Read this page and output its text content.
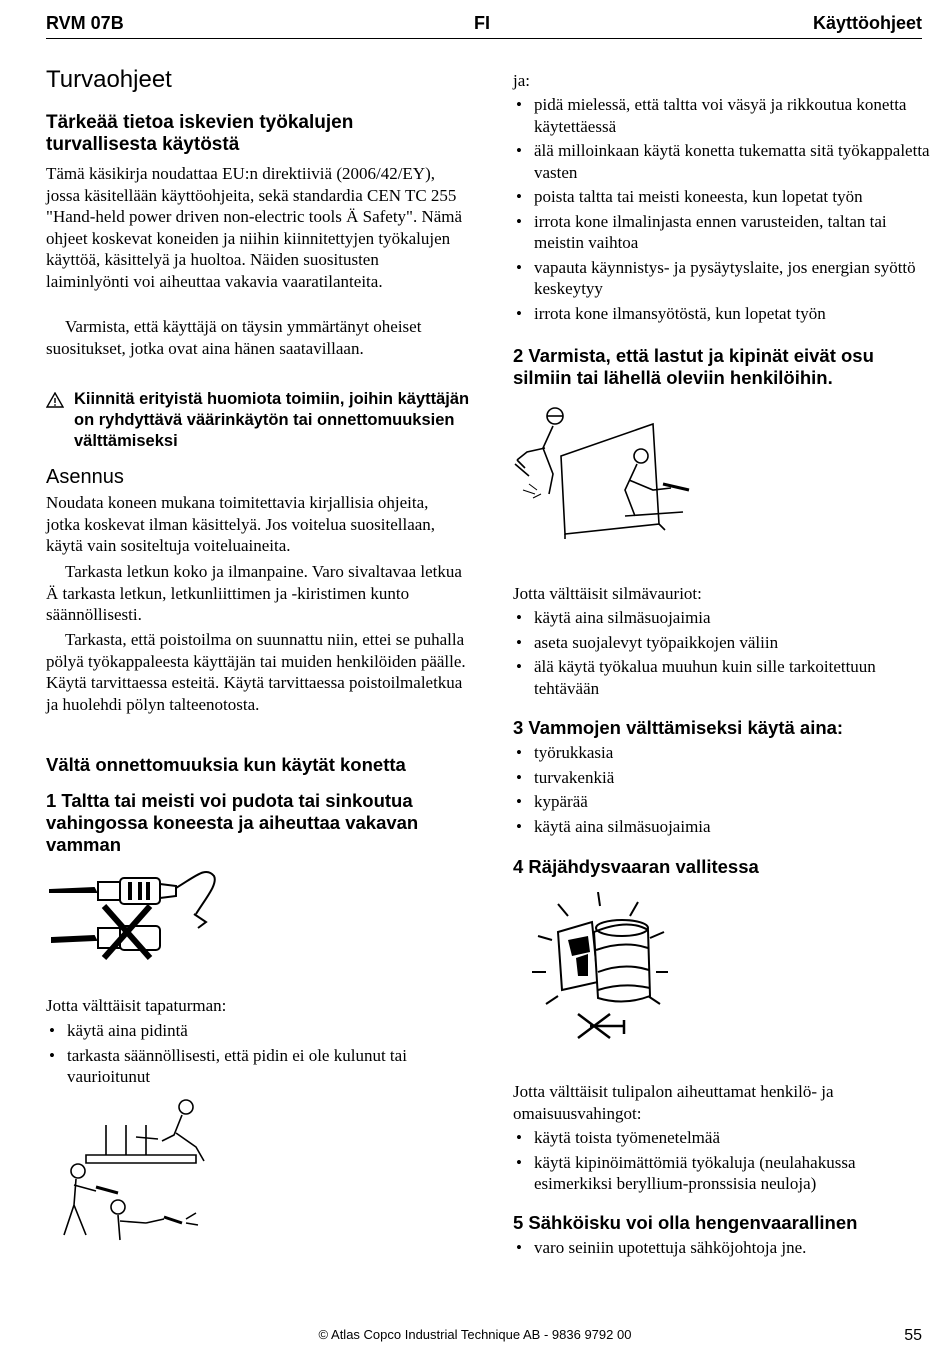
RVM 07B	FI	Käyttöohjeet
Turvaohjeet
Tärkeää tietoa iskevien työkalujen turvallisesta käytöstä

Tämä käsikirja noudattaa EU:n direktiiviä (2006/42/EY), jossa käsitellään käyttöohjeita, sekä standardia CEN TC 255 "Hand-held power driven non-electric tools Ä Safety". Nämä ohjeet koskevat koneiden ja niihin kiinnitettyjen työkalujen käyttöä, käsittelyä ja huoltoa. Näiden suositusten laiminlyönti voi aiheuttaa vakavia vaaratilanteita.

Varmista, että käyttäjä on täysin ymmärtänyt oheiset suositukset, jotka ovat aina hänen saatavillaan.

Kiinnitä erityistä huomiota toimiin, joihin käyttäjän on ryhdyttävä väärinkäytön tai onnettomuuksien välttämiseksi
Asennus

Noudata koneen mukana toimitettavia kirjallisia ohjeita, jotka koskevat ilman käsittelyä. Jos voitelua suositellaan, käytä vain sositeltuja voiteluaineita.

Tarkasta letkun koko ja ilmanpaine. Varo sivaltavaa letkua Ä tarkasta letkun, letkunliittimen ja -kiristimen kunto säännöllisesti.

Tarkasta, että poistoilma on suunnattu niin, ettei se puhalla pölyä työkappaleesta käyttäjän tai muiden henkilöiden päälle. Käytä tarvittaessa esteitä. Käytä tarvittaessa poistoilmaletkua ja huolehdi pölyn talteenotosta.

Vältä onnettomuuksia kun käytät konetta
1 Taltta tai meisti voi pudota tai sinkoutua vahingossa koneesta ja aiheuttaa vakavan vamman

Jotta välttäisit tapaturman:

• käytä aina pidintä
• tarkasta säännöllisesti, että pidin ei ole kulunut tai vaurioitunut

ja:

• pidä mielessä, että taltta voi väsyä ja rikkoutua konetta käytettäessä
• älä milloinkaan käytä konetta tukematta sitä työkappaletta vasten
• poista taltta tai meisti koneesta, kun lopetat työn
• irrota kone ilmalinjasta ennen varusteiden, taltan tai meistin vaihtoa
• vapauta käynnistys- ja pysäytyslaite, jos energian syöttö keskeytyy
• irrota kone ilmansyötöstä, kun lopetat työn
2 Varmista, että lastut ja kipinät eivät osu silmiin tai lähellä oleviin henkilöihin.

Jotta välttäisit silmävauriot:

• käytä aina silmäsuojaimia
• aseta suojalevyt työpaikkojen väliin
• älä käytä työkalua muuhun kuin sille tarkoitettuun tehtävään
3 Vammojen välttämiseksi käytä aina:
• työrukkasia
• turvakenkiä
• kypärää
• käytä aina silmäsuojaimia
4 Räjähdysvaaran vallitessa

Jotta välttäisit tulipalon aiheuttamat henkilö- ja omaisuusvahingot:

• käytä toista työmenetelmää
• käytä kipinöimättömiä työkaluja (neulahakussa esimerkiksi beryllium-pronssisia neuloja)
5 Sähköisku voi olla hengenvaarallinen
• varo seiniin upotettuja sähköjohtoja jne.
© Atlas Copco Industrial Technique AB - 9836 9792 00	55
